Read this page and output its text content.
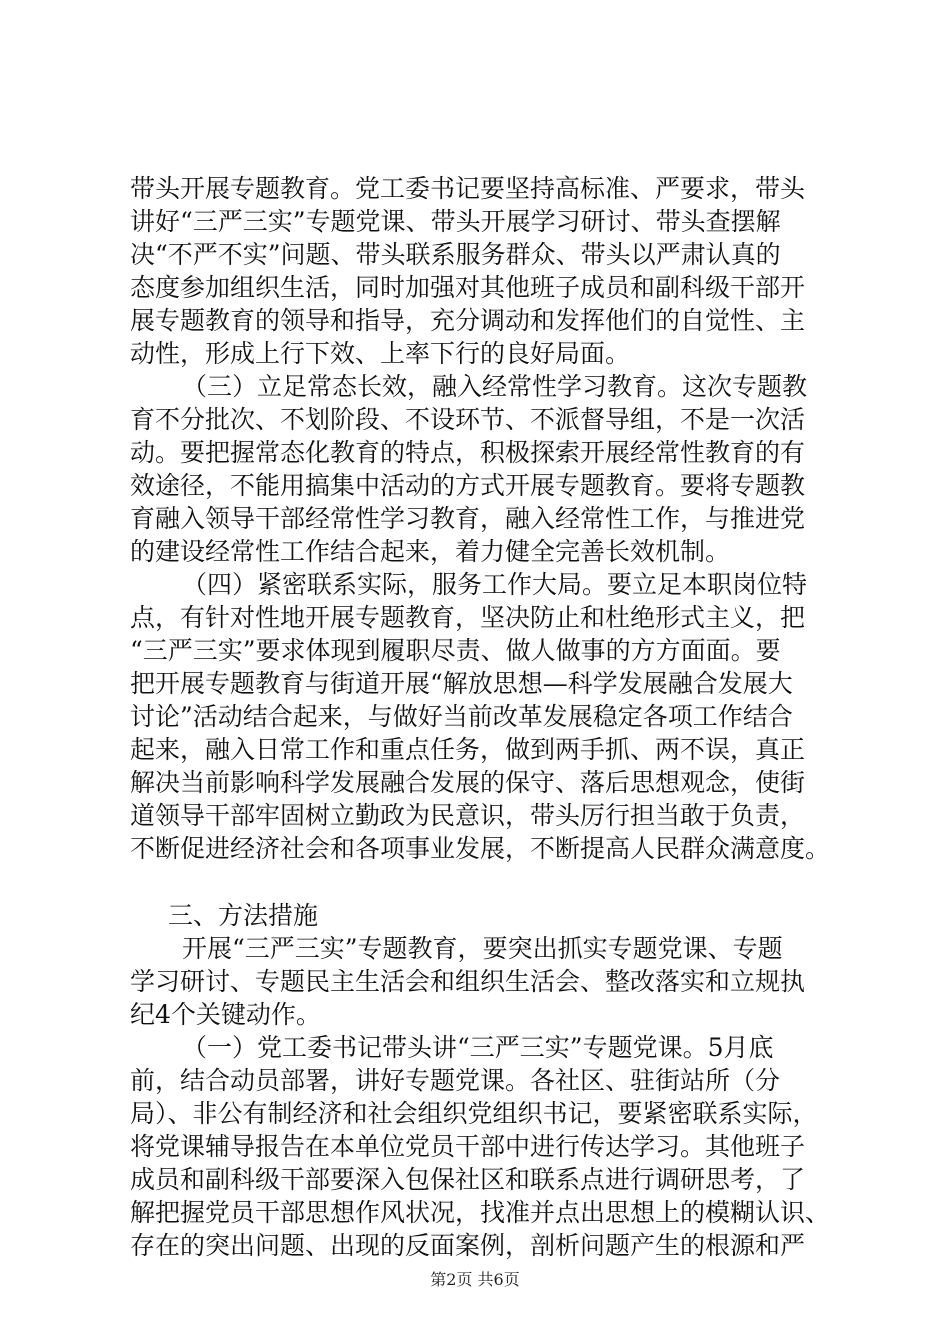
带头开展专题教育。党工委书记要坚持高标准、严要求，带头
讲好“三严三实”专题党课、带头开展学习研讨、带头查摆解
决“不严不实”问题、带头联系服务群众、带头以严肃认真的
态度参加组织生活，同时加强对其他班子成员和副科级干部开
展专题教育的领导和指导，充分调动和发挥他们的自觉性、主
动性，形成上行下效、上率下行的良好局面。
（三）立足常态长效，融入经常性学习教育。这次专题教
育不分批次、不划阶段、不设环节、不派督导组，不是一次活
动。要把握常态化教育的特点，积极探索开展经常性教育的有
效途径，不能用搞集中活动的方式开展专题教育。要将专题教
育融入领导干部经常性学习教育，融入经常性工作，与推进党
的建设经常性工作结合起来，着力健全完善长效机制。
（四）紧密联系实际，服务工作大局。要立足本职岗位特
点，有针对性地开展专题教育，坚决防止和杜绝形式主义，把
“三严三实”要求体现到履职尽责、做人做事的方方面面。要
把开展专题教育与街道开展“解放思想—科学发展融合发展大
讨论”活动结合起来，与做好当前改革发展稳定各项工作结合
起来，融入日常工作和重点任务，做到两手抓、两不误，真正
解决当前影响科学发展融合发展的保守、落后思想观念，使街
道领导干部牢固树立勤政为民意识，带头厉行担当敢于负责，
不断促进经济社会和各项事业发展，不断提高人民群众满意度。
三、方法措施
开展“三严三实”专题教育，要突出抓实专题党课、专题
学习研讨、专题民主生活会和组织生活会、整改落实和立规执
纪4个关键动作。
（一）党工委书记带头讲“三严三实”专题党课。5月底
前，结合动员部署，讲好专题党课。各社区、驻街站所（分
局）、非公有制经济和社会组织党组织书记，要紧密联系实际，
将党课辅导报告在本单位党员干部中进行传达学习。其他班子
成员和副科级干部要深入包保社区和联系点进行调研思考，了
解把握党员干部思想作风状况，找准并点出思想上的模糊认识、
存在的突出问题、出现的反面案例，剖析问题产生的根源和严
第2页 共6页
